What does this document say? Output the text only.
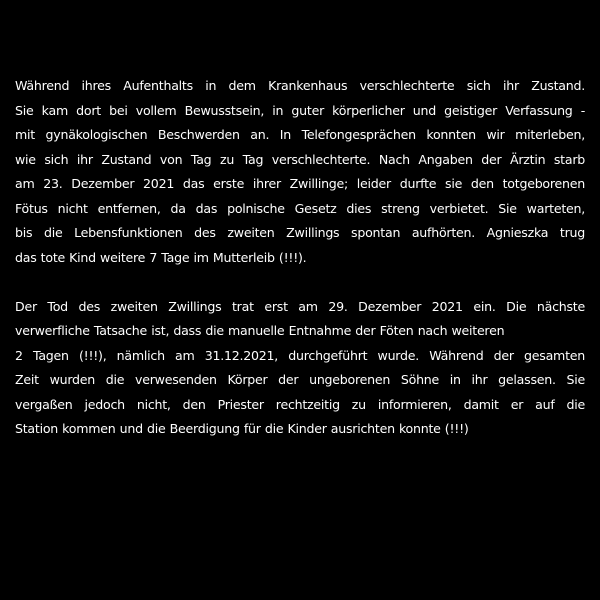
Während ihres Aufenthalts in dem Krankenhaus verschlechterte sich ihr Zustand.
Sie kam dort bei vollem Bewusstsein, in guter körperlicher und geistiger Verfassung -
mit gynäkologischen Beschwerden an. In Telefongesprächen konnten wir miterleben,
wie sich ihr Zustand von Tag zu Tag verschlechterte. Nach Angaben der Ärztin starb
am 23. Dezember 2021 das erste ihrer Zwillinge; leider durfte sie den totgeborenen
Fötus nicht entfernen, da das polnische Gesetz dies streng verbietet. Sie warteten,
bis die Lebensfunktionen des zweiten Zwillings spontan aufhörten. Agnieszka trug
das tote Kind weitere 7 Tage im Mutterleib (!!!).

Der Tod des zweiten Zwillings trat erst am 29. Dezember 2021 ein. Die nächste
verwerfliche Tatsache ist, dass die manuelle Entnahme der Föten nach weiteren
2 Tagen (!!!), nämlich am 31.12.2021, durchgeführt wurde. Während der gesamten
Zeit wurden die verwesenden Körper der ungeborenen Söhne in ihr gelassen. Sie
vergaßen jedoch nicht, den Priester rechtzeitig zu informieren, damit er auf die
Station kommen und die Beerdigung für die Kinder ausrichten konnte (!!!)
